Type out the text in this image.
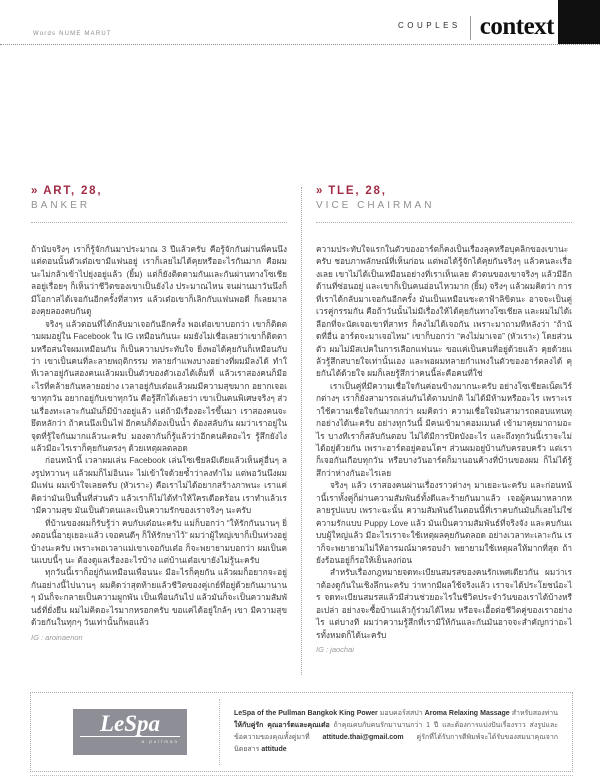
Words NUME MARUT
COUPLES context
» ART, 28,
BANKER

ถ้านับจริงๆ เราก็รู้จักกันมาประมาณ 3 ปีแล้วครับ คือรู้จักกันผ่านพี่คนนึง แต่ตอนนั้นตัวเต๋อเขามีแฟนอยู่ เราก็เลยไม่ได้คุยหรืออะไรกันมาก คือผมนะไม่กล้าเข้าไปยุ่งอยู่แล้ว (ยิ้ม) แต่ก็ยังติดตามกันและกันผ่านทางโซเชียลอยู่เรื่อยๆ ก็เห็นว่าชีวิตของเขาเป็นยังไง ประมาณไหน จนผ่านมาวันนึงก็มีโอกาสได้เจอกันอีกครั้งที่สาทร แล้วเต๋อเขาก็เลิกกับแฟนพอดี ก็เลยมาลองคุยลองคบกันดู

จริงๆ แล้วตอนที่ได้กลับมาเจอกันอีกครั้ง พอเต๋อเขาบอกว่า เขาก็ติดตามผมอยู่ใน Facebook ใน IG เหมือนกันนะ ผมยังไม่เชื่อเลยว่าเขาก็ติดตามหรือสนใจผมเหมือนกัน ก็เป็นความประทับใจ ยิ่งพอได้คุยกันก็เหมือนกับว่า เขาเป็นคนที่ละลายพฤติกรรม ทลายกำแพงบางอย่างที่ผมมีลงได้ ทำให้เวลาอยู่กันสองคนแล้วผมเป็นตัวของตัวเองได้เต็มที่ แล้วเราสองคนก็มีอะไรที่คล้ายกันหลายอย่าง เวลาอยู่กับเต๋อแล้วผมมีความสุขมาก อยากเจอเขาทุกวัน อยากอยู่กับเขาทุกวัน คือรู้สึกได้เลยว่า เขาเป็นคนพิเศษจริงๆ ส่วนเรื่องทะเลาะกันมันก็มีบ้างอยู่แล้ว แต่ถ้ามีเรื่องอะไรขึ้นมา เราสองคนจะยึดหลักว่า ถ้าคนนึงเป็นไฟ อีกคนก็ต้องเป็นน้ำ ต้องสลับกัน ผมว่าเราอยู่ในจุดที่รู้ใจกันมากแล้วนะครับ มองตากันก็รู้แล้วว่าอีกคนคิดอะไร รู้สึกยังไง แล้วมีอะไรเราก็คุยกันตรงๆ ด้วยเหตุผลตลอด

ก่อนหน้านี้ เวลาผมเล่น Facebook เล่นโซเชียลมีเดียแล้วเห็นคู่อื่นๆ ลงรูปหวานๆ แล้วผมก็ไม่อินนะ ไม่เข้าใจด้วยซ้ำว่าลงทำไม แต่พอวันนึงผมมีแฟน ผมเข้าใจเลยครับ (หัวเราะ) คือเราไม่ได้อยากสร้างภาพนะ เราแค่คิดว่ามันเป็นพื้นที่ส่วนตัว แล้วเราก็ไม่ได้ทำให้ใครเดือดร้อน เราทำแล้วเรามีความสุข มันเป็นตัวตนและเป็นความรักของเราจริงๆ นะครับ

ที่บ้านของผมก็รับรู้ว่า คบกับเต๋อนะครับ แม่ก็บอกว่า “ให้รักกันนานๆ ยิ่งตอนนี้อายุเยอะแล้ว เจอคนดีๆ ก็ให้รักษาไว้” ผมว่าผู้ใหญ่เขาก็เป็นห่วงอยู่บ้างนะครับ เพราะพอเวลาแม่เขาเจอกับเต๋อ ก็จะพยายามบอกว่า ผมเป็นคนแบบนี้ๆ นะ ต้องดูแลเรื่องอะไรบ้าง แต่บ้านเต๋อเขายังไม่รู้นะครับ

ทุกวันนี้เราก็อยู่กันเหมือนเพื่อนนะ มีอะไรก็คุยกัน แล้วผมก็อยากจะอยู่กันอย่างนี้ไปนานๆ ผมคิดว่าสุดท้ายแล้วชีวิตของคู่เกย์ที่อยู่ด้วยกันมานานๆ มันก็จะกลายเป็นความผูกพัน เป็นเพื่อนกันไป แล้วมันก็จะเป็นความสัมพันธ์ที่ยั่งยืน ผมไม่คิดอะไรมากหรอกครับ ขอแค่ได้อยู่ใกล้ๆ เขา มีความสุขด้วยกันในทุกๆ วันเท่านั้นก็พอแล้ว

IG : aroinaenon
» TLE, 28,
VICE CHAIRMAN

ความประทับใจแรกในตัวของอาร์ตก็คงเป็นเรื่องลุคหรือบุคลิกของเขานะครับ ชอบภาพลักษณ์ที่เห็นก่อน แต่พอได้รู้จักได้คุยกันจริงๆ แล้วคนละเรื่องเลย เขาไม่ได้เป็นเหมือนอย่างที่เราเห็นเลย ตัวตนของเขาจริงๆ แล้วมีอีกด้านที่ซ่อนอยู่ และเขาก็เป็นคนอ่อนไหวมาก (ยิ้ม) จริงๆ แล้วผมคิดว่า การที่เราได้กลับมาเจอกันอีกครั้ง มันเป็นเหมือนชะตาฟ้าลิขิตนะ อาจจะเป็นคู่เวรคู่กรรมกัน คือถ้าวันนั้นไม่มีเรื่องให้ได้คุยกันทางโซเชียล และผมไม่ได้เลือกที่จะนัดเจอเขาที่สาทร ก็คงไม่ได้เจอกัน เพราะมาถามทีหลังว่า “ถ้านัดที่อื่น อาร์ตจะมาเจอไหม” เขาก็บอกว่า “คงไม่มาเจอ” (หัวเราะ) โดยส่วนตัว ผมไม่มีสเปคในการเลือกแฟนนะ ขอแค่เป็นคนที่อยู่ด้วยแล้ว คุยด้วยแล้วรู้สึกสบายใจเท่านั้นเอง และพอผมทลายกำแพงในตัวของอาร์ตลงได้ คุยกันได้ด้วยใจ ผมก็เลยรู้สึกว่าคนนี้ล่ะคือคนที่ใช่

เราเป็นคู่ที่มีความเชื่อใจกันค่อนข้างมากนะครับ อย่างโซเชียลเน็ตเวิร์กต่างๆ เราก็ยังสามารถเล่นกันได้ตามปกติ ไม่ได้มีห้ามหรืออะไร เพราะเราใช้ความเชื่อใจกันมากกว่า ผมคิดว่า ความเชื่อใจมันสามารถตอบแทนทุกอย่างได้นะครับ อย่างทุกวันนี้ มีคนเข้ามาคอมเมนต์ เข้ามาคุยมาถามอะไร บางทีเราก็สลับกันตอบ ไม่ได้มีการปิดบังอะไร และถึงทุกวันนี้เราจะไม่ได้อยู่ด้วยกัน เพราะอาร์ตอยู่คอนโดฯ ส่วนผมอยู่บ้านกับครอบครัว แต่เราก็เจอกันเกือบทุกวัน หรือบางวันอาร์ตก็มานอนค้างที่บ้านของผม ก็ไม่ได้รู้สึกว่าห่างกันอะไรเลย

จริงๆ แล้ว เราสองคนผ่านเรื่องราวต่างๆ มาเยอะนะครับ และก่อนหน้านี้เราทั้งคู่ก็ผ่านความสัมพันธ์ทั้งดีและร้ายกันมาแล้ว เจอผู้คนมาหลากหลายรูปแบบ เพราะฉะนั้น ความสัมพันธ์ในตอนนี้ที่เราคบกันมันก็เลยไม่ใช่ความรักแบบ Puppy Love แล้ว มันเป็นความสัมพันธ์ที่จริงจัง และคบกันแบบผู้ใหญ่แล้ว มีอะไรเราจะใช้เหตุผลคุยกันตลอด อย่างเวลาทะเลาะกัน เราก็จะพยายามไม่ให้อารมณ์มาครอบงำ พยายามใช้เหตุผลให้มากที่สุด ถ้ายังร้อนอยู่ก็รอให้เย็นลงก่อน

สำหรับเรื่องกฎหมายจดทะเบียนสมรสของคนรักเพศเดียวกัน ผมว่าเราต้องดูกันในเชิงลึกนะครับ ว่าหากมีผลใช้จริงแล้ว เราจะได้ประโยชน์อะไร จดทะเบียนสมรสแล้วมีส่วนช่วยอะไรในชีวิตประจำวันของเราได้บ้างหรือเปล่า อย่างจะซื้อบ้านแล้วกู้ร่วมได้ไหม หรือจะเอื้อต่อชีวิตคู่ของเราอย่างไร แต่บางที ผมว่าความรู้สึกที่เรามีให้กันและกันมันอาจจะสำคัญกว่าอะไรทั้งหมดก็ได้นะครับ

IG : jaochai
LeSpa
a pullman

LeSpa of the Pullman Bangkok King Power มอบคอร์สสปา Aroma Relaxing Massage สำหรับสองท่าน ให้กับคู่รัก คุณอาร์ตและคุณเต๋อ ถ้าคุณคบกับคนรักมานานกว่า 1 ปี และต้องการแบ่งปันเรื่องราว ส่งรูปและข้อความของคุณทั้งคู่มาที่ attitude.thai@gmail.com คู่รักที่ได้รับการตีพิมพ์จะได้รับของสมนาคุณจากนิตยสาร attitude
